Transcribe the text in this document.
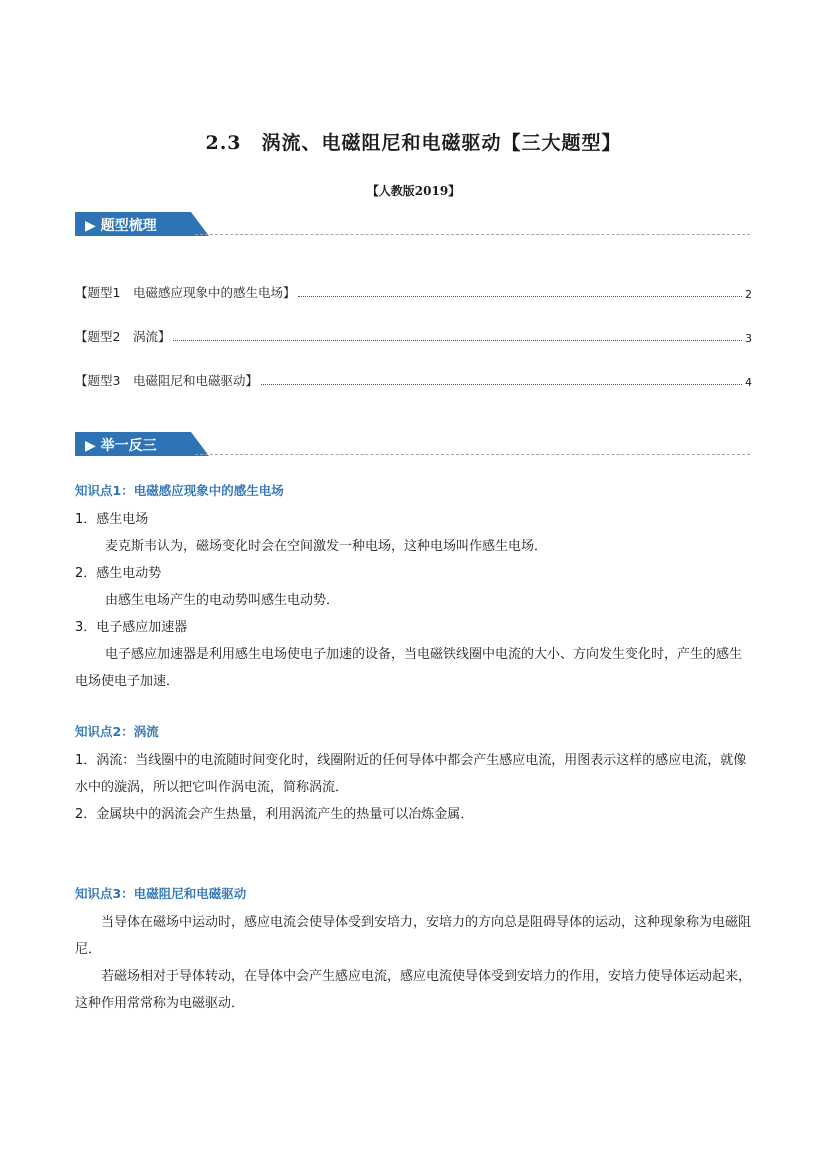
2.3　涡流、电磁阻尼和电磁驱动【三大题型】
【人教版2019】
▶ 题型梳理
【题型1　电磁感应现象中的感生电场】	2
【题型2　涡流】	3
【题型3　电磁阻尼和电磁驱动】	4
▶ 举一反三
知识点1：电磁感应现象中的感生电场
1．感生电场
麦克斯韦认为，磁场变化时会在空间激发一种电场，这种电场叫作感生电场．
2．感生电动势
由感生电场产生的电动势叫感生电动势．
3．电子感应加速器
电子感应加速器是利用感生电场使电子加速的设备，当电磁铁线圈中电流的大小、方向发生变化时，产生的感生电场使电子加速．
知识点2：涡流
1．涡流：当线圈中的电流随时间变化时，线圈附近的任何导体中都会产生感应电流，用图表示这样的感应电流，就像水中的漩涡，所以把它叫作涡电流，简称涡流．
2．金属块中的涡流会产生热量，利用涡流产生的热量可以冶炼金属．
知识点3：电磁阻尼和电磁驱动
当导体在磁场中运动时，感应电流会使导体受到安培力，安培力的方向总是阻碍导体的运动，这种现象称为电磁阻尼．
若磁场相对于导体转动，在导体中会产生感应电流，感应电流使导体受到安培力的作用，安培力使导体运动起来，这种作用常常称为电磁驱动．
